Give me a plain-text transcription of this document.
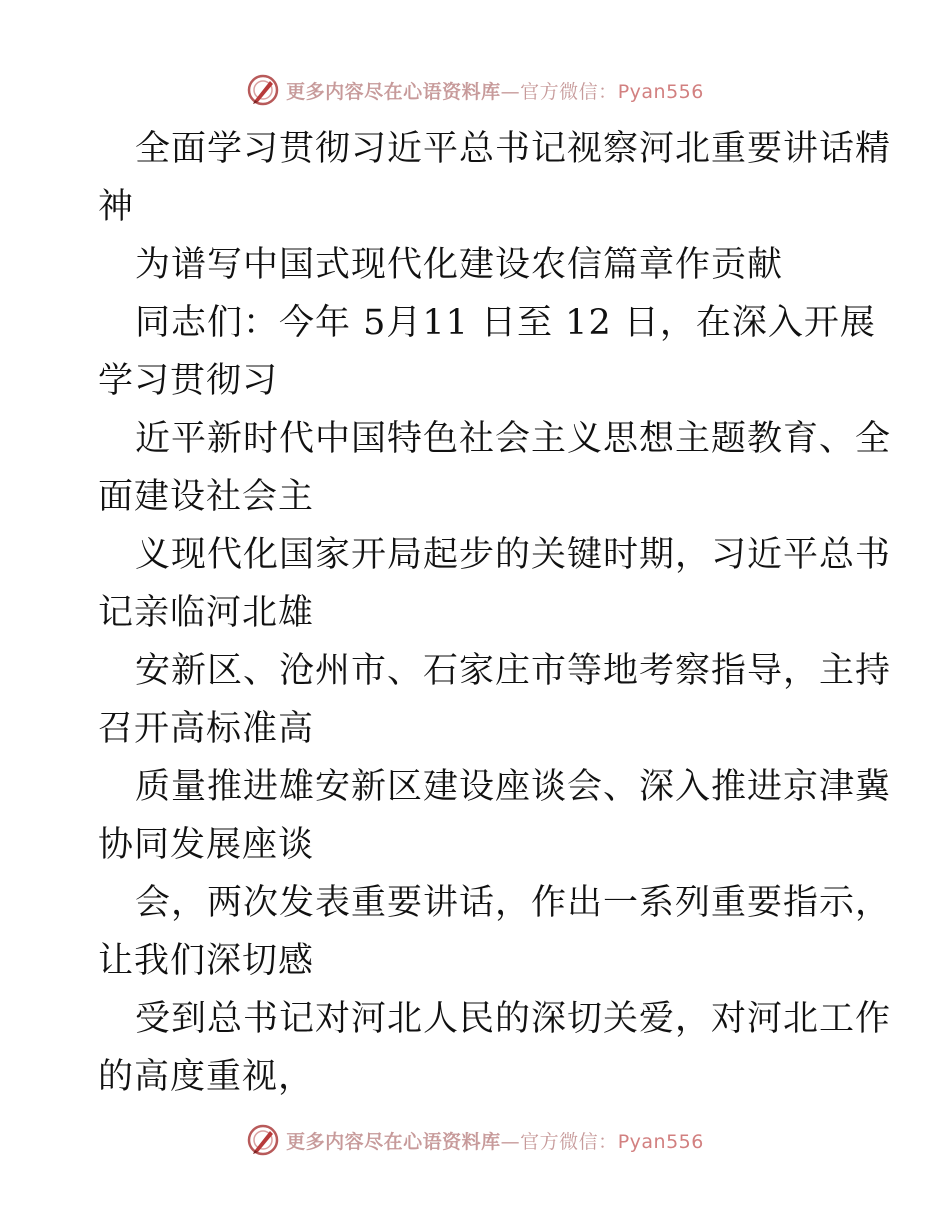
更多内容尽在心语资料库—官方微信：Pyan556
全面学习贯彻习近平总书记视察河北重要讲话精
神
为谱写中国式现代化建设农信篇章作贡献
同志们：今年 5月11 日至 12 日，在深入开展
学习贯彻习
近平新时代中国特色社会主义思想主题教育、全
面建设社会主
义现代化国家开局起步的关键时期，习近平总书
记亲临河北雄
安新区、沧州市、石家庄市等地考察指导，主持
召开高标准高
质量推进雄安新区建设座谈会、深入推进京津冀
协同发展座谈
会，两次发表重要讲话，作出一系列重要指示，
让我们深切感
受到总书记对河北人民的深切关爱，对河北工作
的高度重视，
更多内容尽在心语资料库—官方微信：Pyan556
